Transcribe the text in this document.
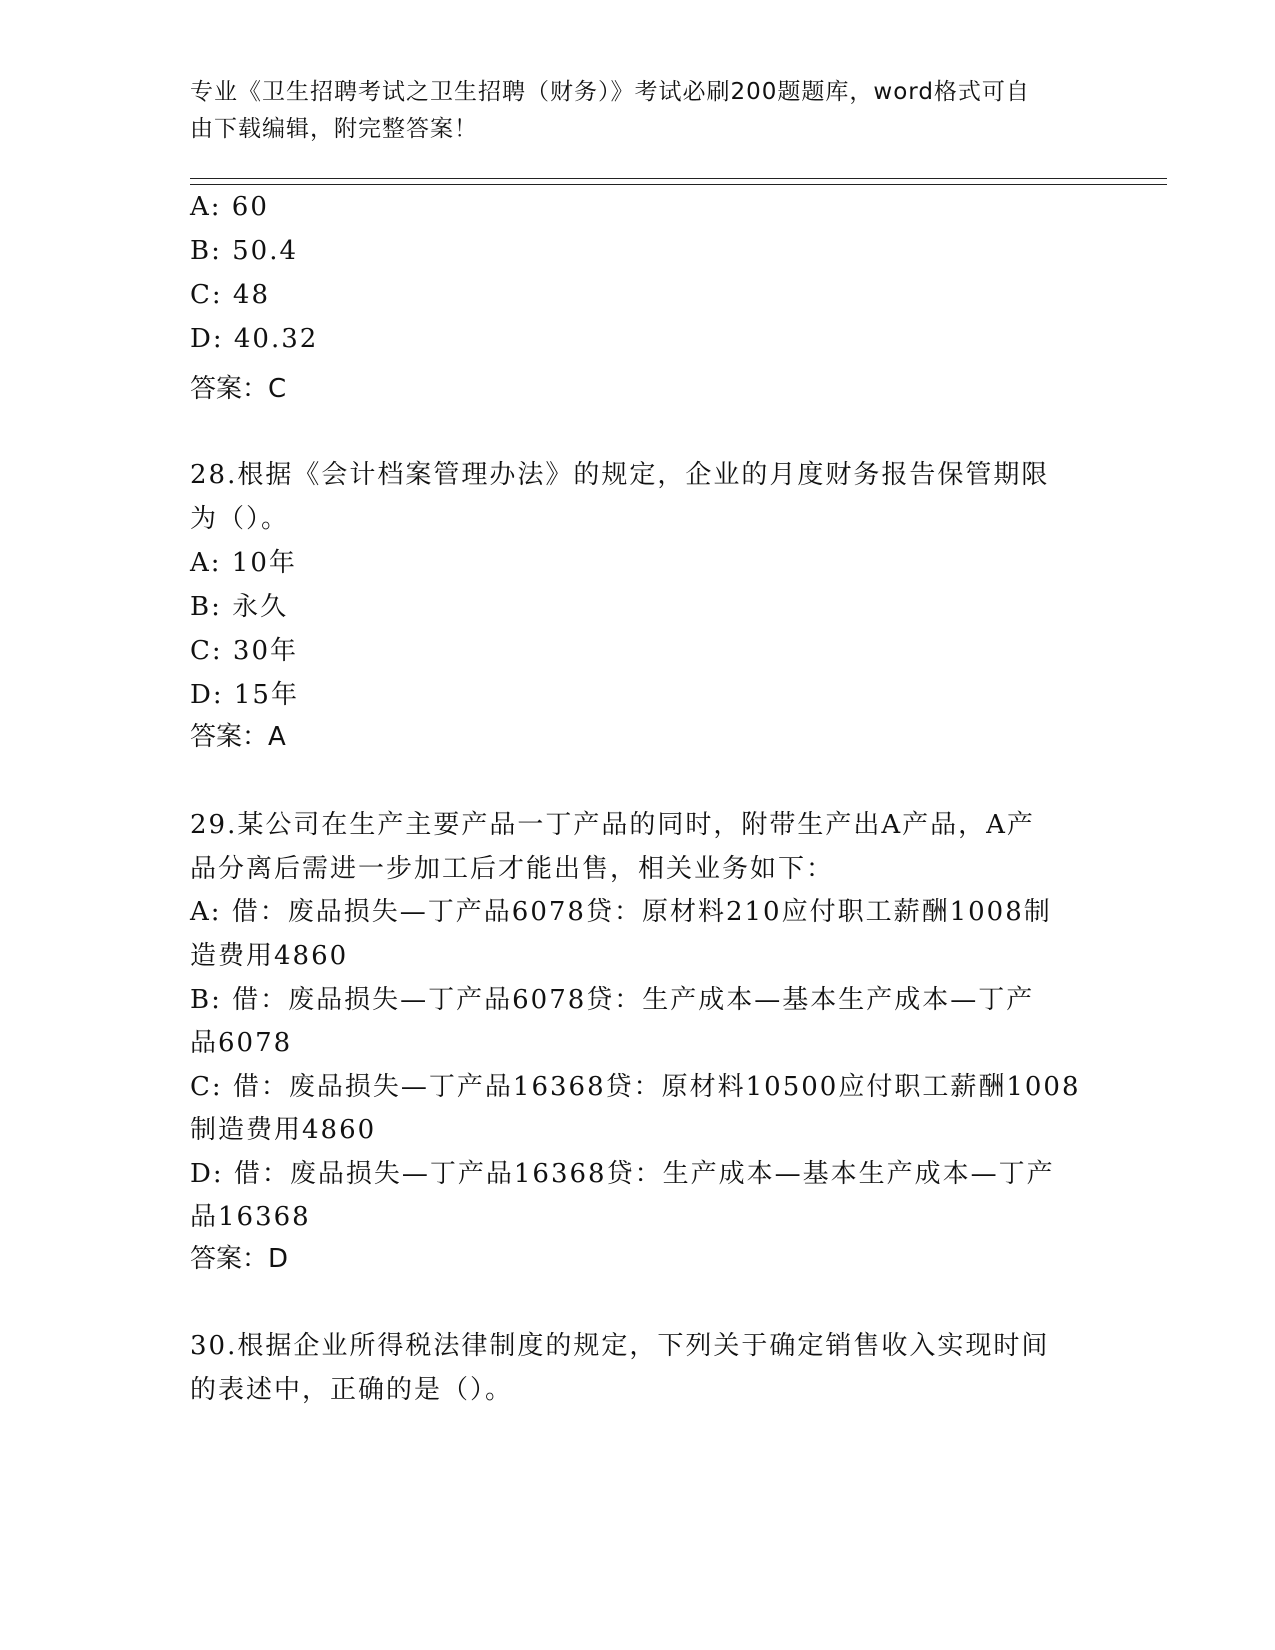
专业《卫生招聘考试之卫生招聘（财务）》考试必刷200题题库，word格式可自
由下载编辑，附完整答案！
A: 60
B: 50.4
C: 48
D: 40.32
答案：C
28.根据《会计档案管理办法》的规定，企业的月度财务报告保管期限
为（）。
A: 10年
B: 永久
C: 30年
D: 15年
答案：A
29.某公司在生产主要产品一丁产品的同时，附带生产出A产品，A产
品分离后需进一步加工后才能出售，相关业务如下：
A: 借：废品损失—丁产品6078贷：原材料210应付职工薪酬1008制
造费用4860
B: 借：废品损失—丁产品6078贷：生产成本—基本生产成本—丁产
品6078
C: 借：废品损失—丁产品16368贷：原材料10500应付职工薪酬1008
制造费用4860
D: 借：废品损失—丁产品16368贷：生产成本—基本生产成本—丁产
品16368
答案：D
30.根据企业所得税法律制度的规定，下列关于确定销售收入实现时间
的表述中，正确的是（）。
